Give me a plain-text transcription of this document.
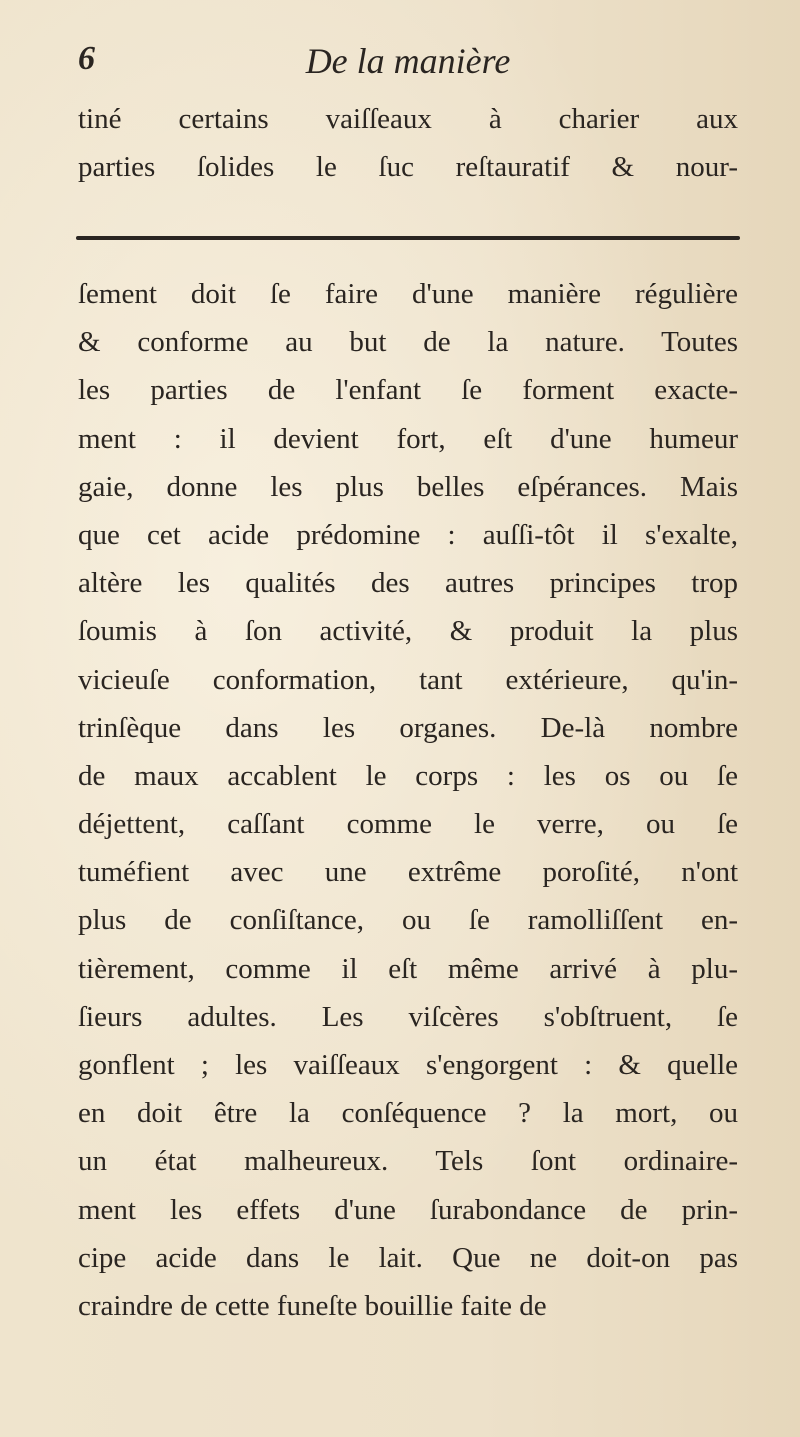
6	De la manière
tiné certains vaiſſeaux à charier aux
parties ſolides le ſuc reſtauratif & nour-
ſement doit ſe faire d'une manière régulière
& conforme au but de la nature. Toutes
les parties de l'enfant ſe forment exacte-
ment : il devient fort, eſt d'une humeur
gaie, donne les plus belles eſpérances. Mais
que cet acide prédomine : auſſi-tôt il s'exalte,
altère les qualités des autres principes trop
ſoumis à ſon activité, & produit la plus
vicieuſe conformation, tant extérieure, qu'in-
trinſèque dans les organes. De-là nombre
de maux accablent le corps : les os ou ſe
déjettent, caſſant comme le verre, ou ſe
tuméfient avec une extrême poroſité, n'ont
plus de conſiſtance, ou ſe ramolliſſent en-
tièrement, comme il eſt même arrivé à plu-
ſieurs adultes. Les viſcères s'obſtruent, ſe
gonflent ; les vaiſſeaux s'engorgent : & quelle
en doit être la conſéquence ? la mort, ou
un état malheureux. Tels ſont ordinaire-
ment les effets d'une ſurabondance de prin-
cipe acide dans le lait. Que ne doit-on pas
craindre de cette funeſte bouillie faite de
